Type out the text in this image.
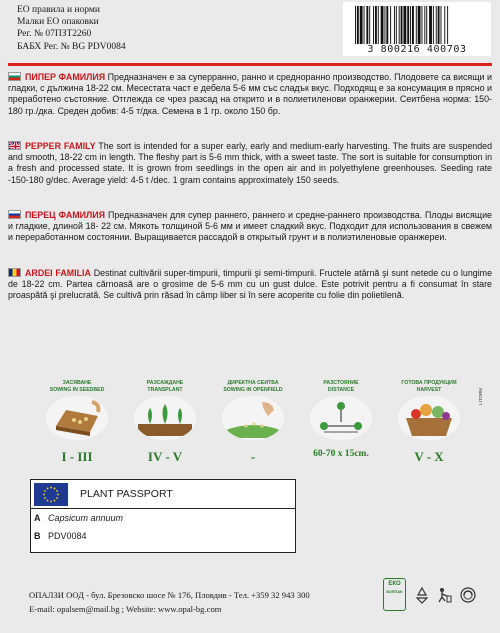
ЕО правила и норми
Малки ЕО опаковки
Рег. № 07ПЗТ2260
БАБХ Рег. № BG PDV0084	3 800216 400703
ПИПЕР ФАМИЛИЯ Предназначен е за суперранно, ранно и средноранно производство. Плодовете са висящи и гладки, с дължина 18-22 см. Месестата част е дебела 5-6 мм със сладък вкус. Подходящ е за консумация в прясно и преработено състояние. Отглежда се чрез разсад на открито и в полиетиленови оранжерии. Сеитбена норма: 150-180 гр./дка. Среден добив: 4-5 т/дка. Семена в 1 гр. около 150 бр.
PEPPER FAMILY The sort is intended for a super early, early and medium-early harvesting. The fruits are suspended and smooth, 18-22 cm in length. The fleshy part is 5-6 mm thick, with a sweet taste. The sort is suitable for consumption in a fresh and processed state. It is grown from seedlings in the open air and in polyethylene greenhouses. Seeding rate -150-180 g/dec. Average yield: 4-5 t /dec. 1 gram contains approximately 150 seeds.
ПЕРЕЦ ФАМИЛИЯ Предназначен для супер раннего, раннего и средне-раннего производства. Плоды висящие и гладкие, длиной 18- 22 см. Мякоть толщиной 5-6 мм и имеет сладкий вкус. Подходит для использования в свежем и переработанном состоянии. Выращивается рассадой в открытый грунт и в полиэтиленовые оранжереи.
ARDEI FAMILIA Destinat cultivării super-timpurii, timpurii şi semi-timpurii. Fructele atârnă şi sunt netede cu o lungime de 18-22 cm. Partea cărnoasă are o grosime de 5-6 mm cu un gust dulce. Este potrivit pentru a fi consumat în stare proaspătă şi prelucrată. Se cultivă prin răsad în câmp liber si în sere acoperite cu folie din polietilenă.
ЗАСЯВАНЕ
SOWING IN SEEDBED
I - III
РАЗСАЖДАНЕ
TRANSPLANT
IV - V
ДИРЕКТНА СЕИТБА
SOWING IN OPENFIELD
-
РАЗСТОЯНИЕ
DISTANCE
60-70 x 15cm.
ГОТОВА ПРОДУКЦИЯ
HARVEST
V - X
LITORM
PLANT PASSPORT
A Capsicum annuum
B PDV0084
ОПАЛЗИ ООД - бул. Брезовско шосе № 176, Пловдив - Тел. +359 32 943 300
E-mail: opalsem@mail.bg ; Website: www.opal-bg.com
ЕКО
БУЛПАК
